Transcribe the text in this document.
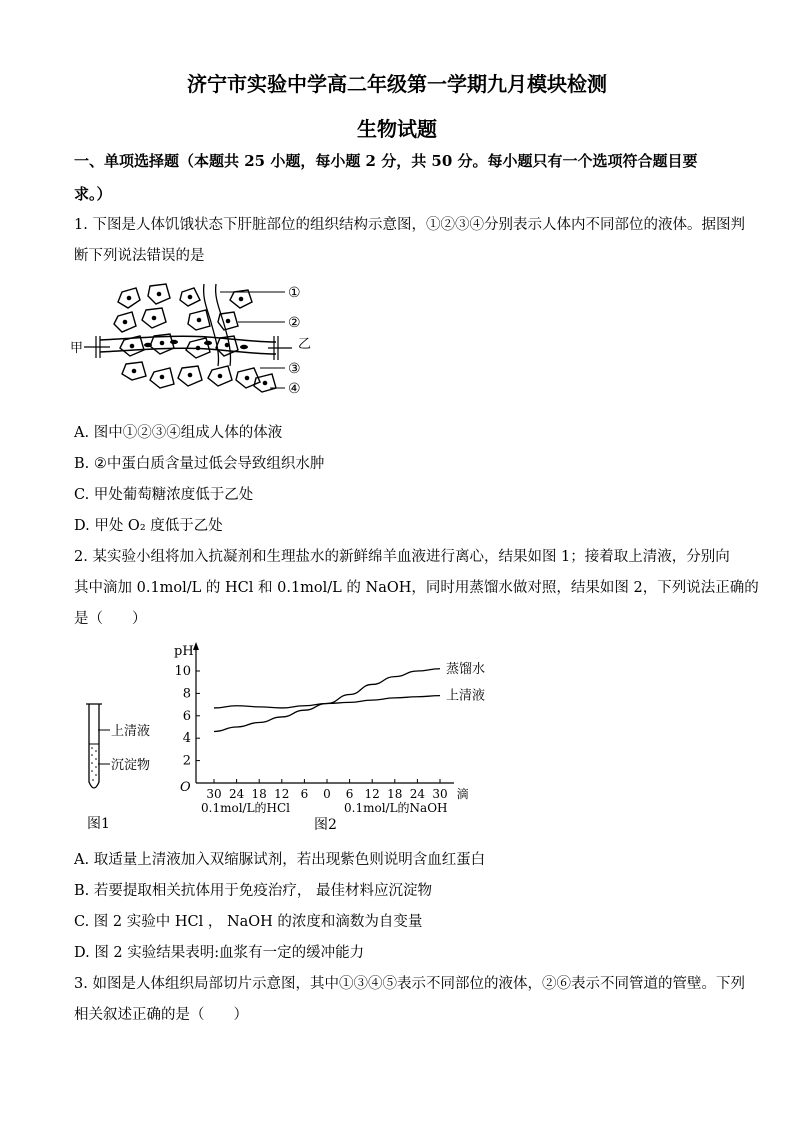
济宁市实验中学高二年级第一学期九月模块检测
生物试题
一、单项选择题（本题共 25 小题，每小题 2 分，共 50 分。每小题只有一个选项符合题目要
求。）
1. 下图是人体饥饿状态下肝脏部位的组织结构示意图，①②③④分别表示人体内不同部位的液体。据图判
断下列说法错误的是
甲	乙
①
②
③
④
A. 图中①②③④组成人体的体液
B. ②中蛋白质含量过低会导致组织水肿
C. 甲处葡萄糖浓度低于乙处
D. 甲处 O₂ 度低于乙处
2. 某实验小组将加入抗凝剂和生理盐水的新鲜绵羊血液进行离心，结果如图 1；接着取上清液，分别向
其中滴加 0.1mol/L 的 HCl 和 0.1mol/L 的 NaOH，同时用蒸馏水做对照，结果如图 2，下列说法正确的
是（　　）
上清液
沉淀物
图1
pH
O
2
4
6
8
10
30 24 18 12 6 0 6 12 18 24 30 滴
蒸馏水
上清液
0.1mol/L的HCl	0.1mol/L的NaOH
图2
A. 取适量上清液加入双缩脲试剂，若出现紫色则说明含血红蛋白
B. 若要提取相关抗体用于免疫治疗， 最佳材料应沉淀物
C. 图 2 实验中 HCl ， NaOH 的浓度和滴数为自变量
D. 图 2 实验结果表明:血浆有一定的缓冲能力
3. 如图是人体组织局部切片示意图，其中①③④⑤表示不同部位的液体，②⑥表示不同管道的管壁。下列
相关叙述正确的是（　　）
